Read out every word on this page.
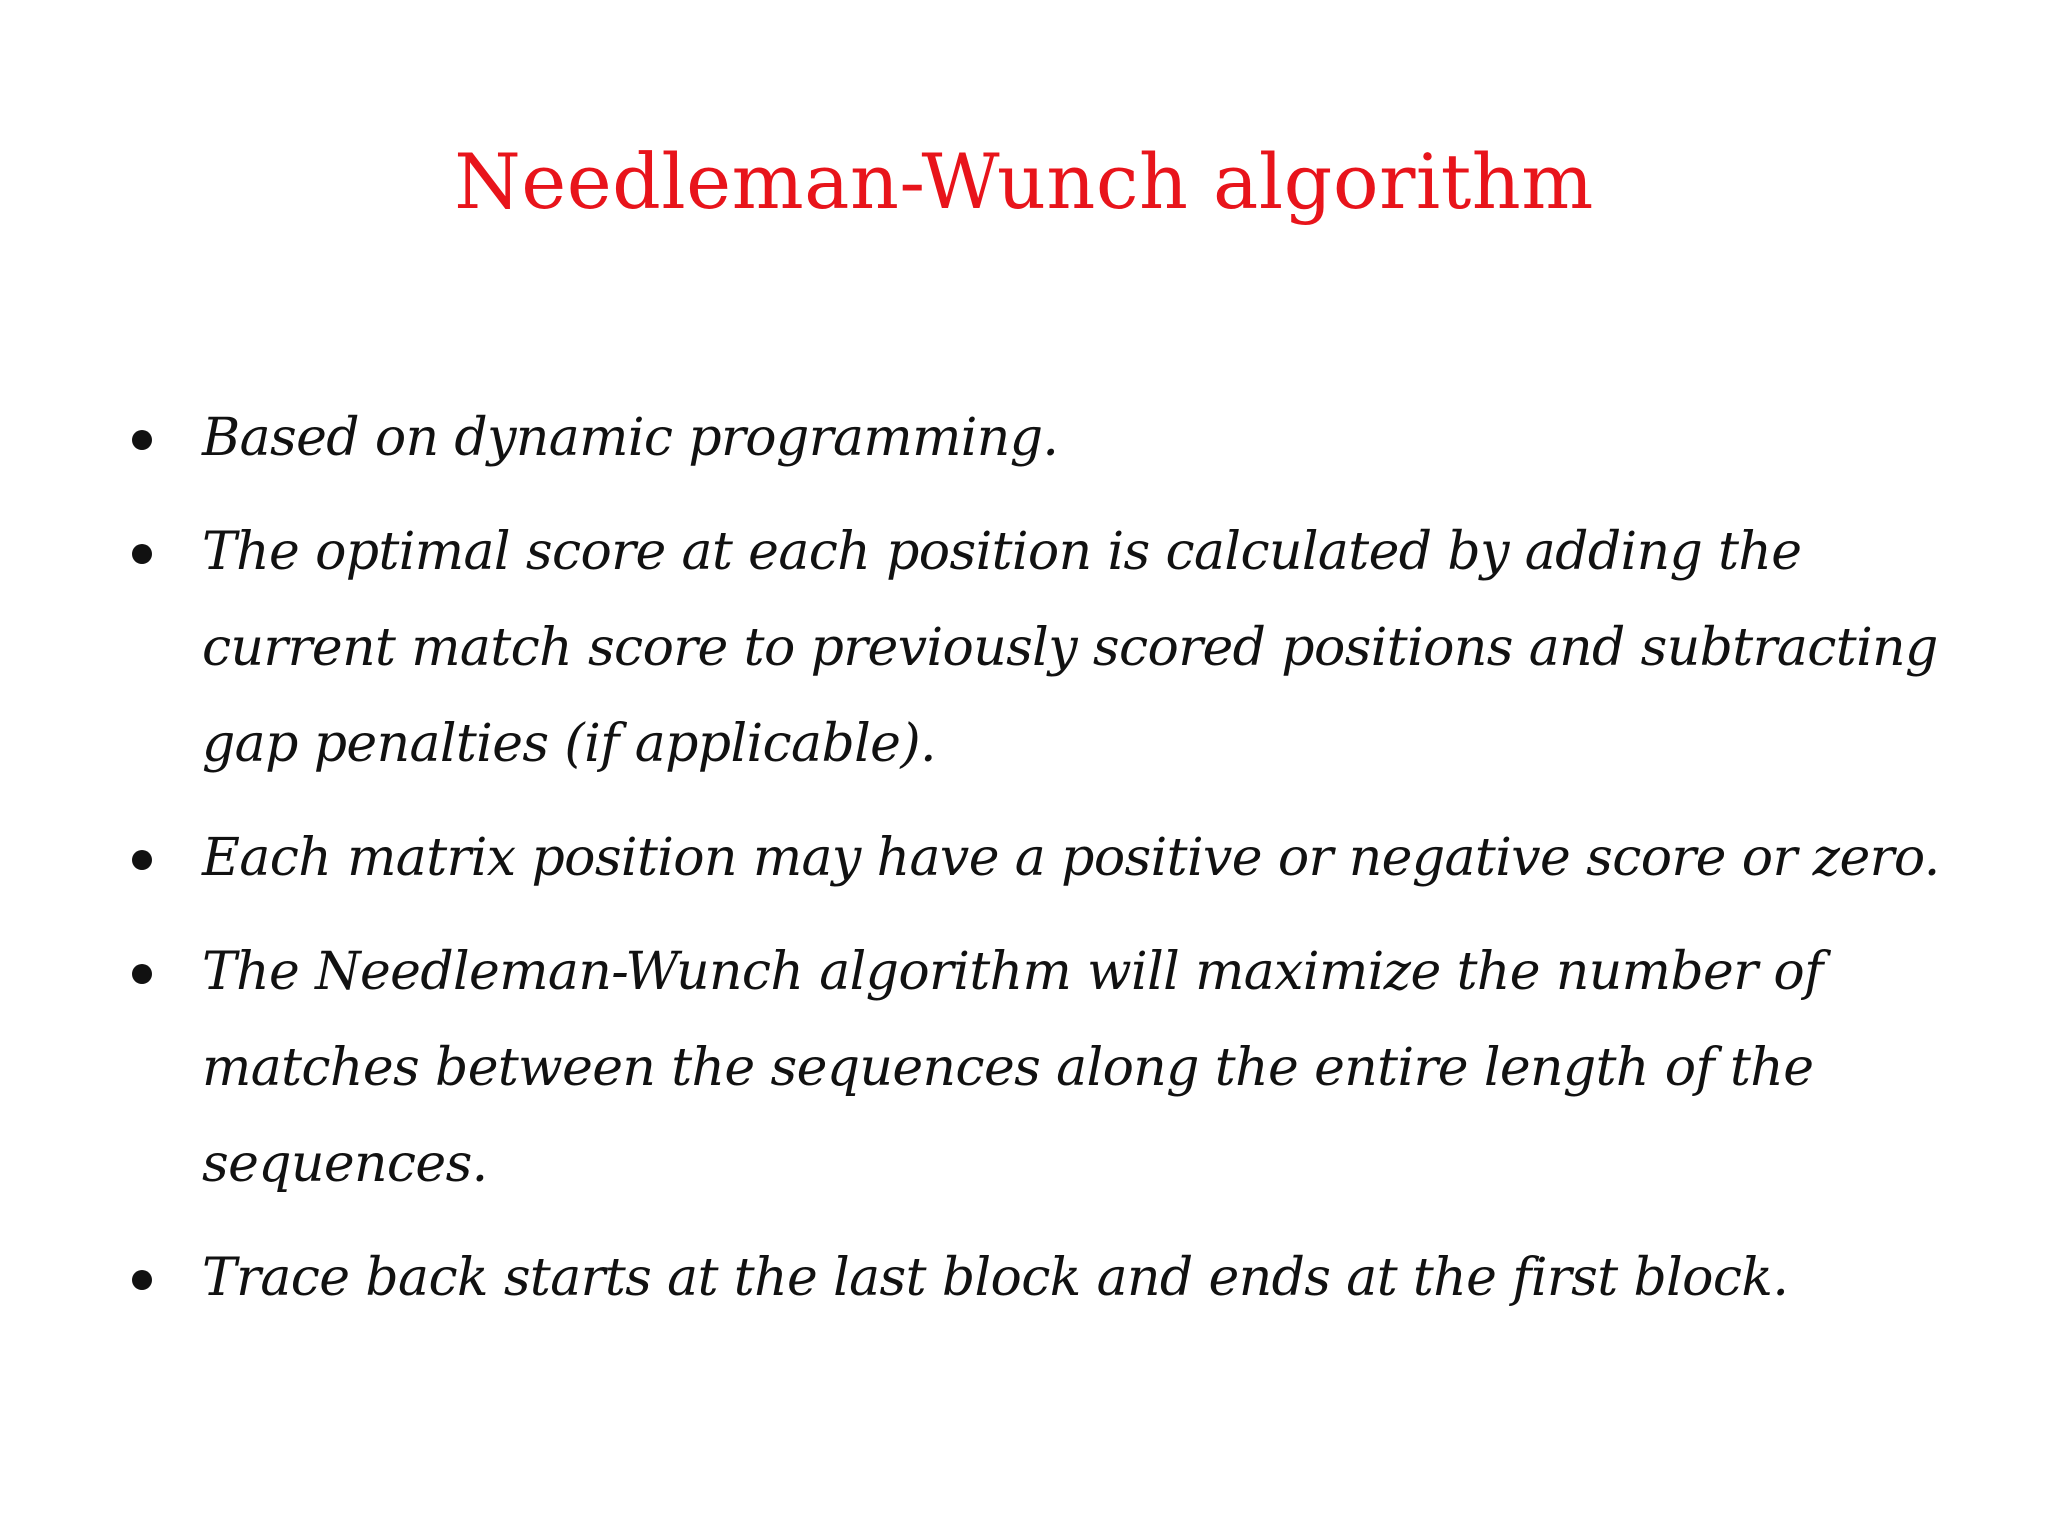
Needleman-Wunch algorithm
Based on dynamic programming.
The optimal score at each position is calculated by adding the current match score to previously scored positions and subtracting gap penalties (if applicable).
Each matrix position may have a positive or negative score or zero.
The Needleman-Wunch algorithm will maximize the number of matches between the sequences along the entire length of the sequences.
Trace back starts at the last block and ends at the first block.
